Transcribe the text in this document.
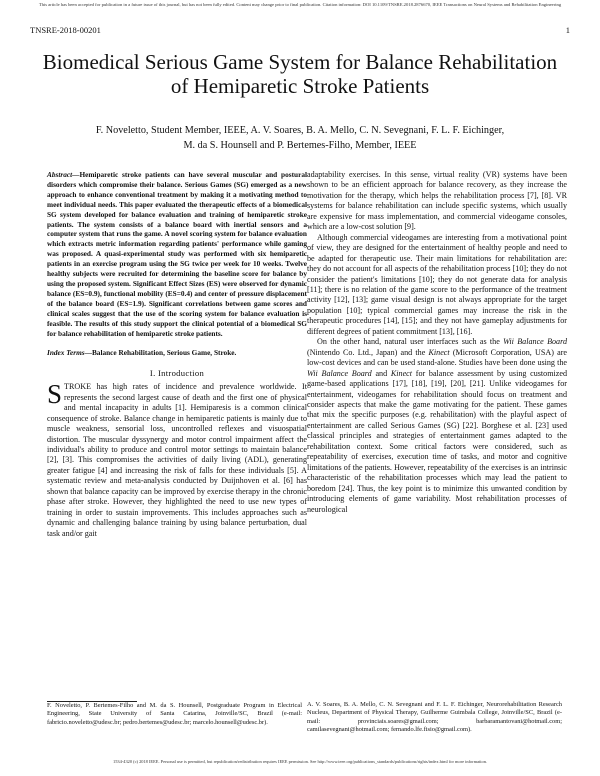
This article has been accepted for publication in a future issue of this journal, but has not been fully edited. Content may change prior to final publication. Citation information: DOI 10.1109/TNSRE.2018.2876670, IEEE Transactions on Neural Systems and Rehabilitation Engineering
TNSRE-2018-00201	1
Biomedical Serious Game System for Balance Rehabilitation of Hemiparetic Stroke Patients
F. Noveletto, Student Member, IEEE, A. V. Soares, B. A. Mello, C. N. Sevegnani, F. L. F. Eichinger,
M. da S. Hounsell and P. Bertemes-Filho, Member, IEEE

Abstract—Hemiparetic stroke patients can have several muscular and postural disorders which compromise their balance. Serious Games (SG) emerged as a new approach to enhance conventional treatment by making it a motivating method to meet individual needs. This paper evaluated the therapeutic effects of a biomedical SG system developed for balance evaluation and training of hemiparetic stroke patients. The system consists of a balance board with inertial sensors and a computer system that runs the game. A novel scoring system for balance evaluation which extracts metric information regarding patients' performance while gaming was proposed. A quasi-experimental study was performed with six hemiparetic patients in an exercise program using the SG twice per week for 10 weeks. Twelve healthy subjects were recruited for determining the baseline score for balance by using the proposed system. Significant Effect Sizes (ES) were observed for dynamic balance (ES=0.9), functional mobility (ES=0.4) and center of pressure displacement of the balance board (ES=1.9). Significant correlations between game scores and clinical scales suggest that the use of the scoring system for balance evaluation is feasible. The results of this study support the clinical potential of a biomedical SG for balance rehabilitation of hemiparetic stroke patients.

Index Terms—Balance Rehabilitation, Serious Game, Stroke.

I. Introduction

STROKE has high rates of incidence and prevalence worldwide. It represents the second largest cause of death and the first one of physical and mental incapacity in adults [1]. Hemiparesis is a common clinical consequence of stroke. Balance change in hemiparetic patients is mainly due to muscle weakness, sensorial loss, uncontrolled reflexes and visuospatial distortion. The muscular dyssynergy and motor control impairment affect the individual's ability to produce and control motor settings to maintain balance [2], [3]. This compromises the activities of daily living (ADL), generating greater fatigue [4] and increasing the risk of falls for these individuals [5]. A systematic review and meta-analysis conducted by Duijnhoven et al. [6] has shown that balance capacity can be improved by exercise therapy in the chronic phase after stroke. However, they highlighted the need to use new types of training in order to sustain improvements. This includes approaches such as dynamic and challenging balance training by using balance perturbation, dual task and/or gait

adaptability exercises. In this sense, virtual reality (VR) systems have been shown to be an efficient approach for balance recovery, as they increase the motivation for the therapy, which helps the rehabilitation process [7], [8]. VR systems for balance rehabilitation can include specific systems, which usually are expensive for mass implementation, and commercial videogame consoles, which are a low-cost solution [9].

Although commercial videogames are interesting from a motivational point of view, they are designed for the entertainment of healthy people and need to be adapted for therapeutic use. Their main limitations for rehabilitation are: they do not account for all aspects of the rehabilitation process [10]; they do not consider the patient's limitations [10]; they do not generate data for analysis [11]; there is no relation of the game score to the performance of the treatment activity [12], [13]; game visual design is not always appropriate for the target population [10]; typical commercial games may increase the risk in the therapeutic procedures [14], [15]; and they not have gameplay adjustments for different degrees of patient commitment [13], [16].

On the other hand, natural user interfaces such as the Wii Balance Board (Nintendo Co. Ltd., Japan) and the Kinect (Microsoft Corporation, USA) are low-cost devices and can be used stand-alone. Studies have been done using the Wii Balance Board and Kinect for balance assessment by using customized game-based applications [17], [18], [19], [20], [21]. Unlike videogames for entertainment, videogames for rehabilitation should focus on treatment and consider aspects that make the game motivating for the patient. These games that mix the specific purposes (e.g. rehabilitation) with the playful aspect of entertainment are called Serious Games (SG) [22]. Borghese et al. [23] used classical principles and strategies of entertainment games adapted to the rehabilitation context. Some critical factors were considered, such as repeatability of exercises, execution time of tasks, and motor and cognitive limitations of the patients. However, repeatability of the exercises is an intrinsic characteristic of the rehabilitation processes which may lead the patient to boredom [24]. Thus, the key point is to minimize this unwanted condition by introducing elements of game variability. Most rehabilitation processes of neurological

F. Noveletto, P. Bertemes-Filho and M. da S. Hounsell, Postgraduate Program in Electrical Engineering, State University of Santa Catarina, Joinville/SC, Brazil (e-mail: fabricio.noveletto@udesc.br; pedro.bertemes@udesc.br; marcelo.hounsell@udesc.br).
A. V. Soares, B. A. Mello, C. N. Sevegnani and F. L. F. Eichinger, Neurorehabilitation Research Nucleus, Department of Physical Therapy, Guilherme Guimbala College, Joinville/SC, Brazil (e-mail: provinciais.soares@gmail.com; barbaramantovani@hotmail.com; camilasevegnani@hotmail.com; fernando.lfe.fisio@gmail.com).
1534-4320 (c) 2018 IEEE. Personal use is permitted, but republication/redistribution requires IEEE permission. See http://www.ieee.org/publications_standards/publications/rights/index.html for more information.
